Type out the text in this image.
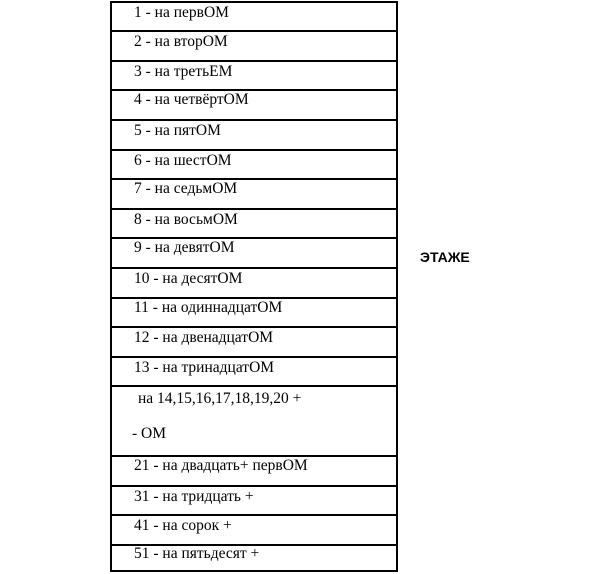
1 - на первОМ
2 - на вторОМ
3 - на третьЕМ
4 - на четвёртОМ
5 - на пятОМ
6 - на шестОМ
7 - на седьмОМ
8 - на восьмОМ
9 - на девятОМ
10 - на десятОМ
11 - на одиннадцатОМ
12 - на двенадцатОМ
13 - на тринадцатОМ
на 14,15,16,17,18,19,20 +
- ОМ
21 - на двадцать+ первОМ
31 - на тридцать +
41 - на сорок +
51 - на пятьдесят +
ЭТАЖЕ
